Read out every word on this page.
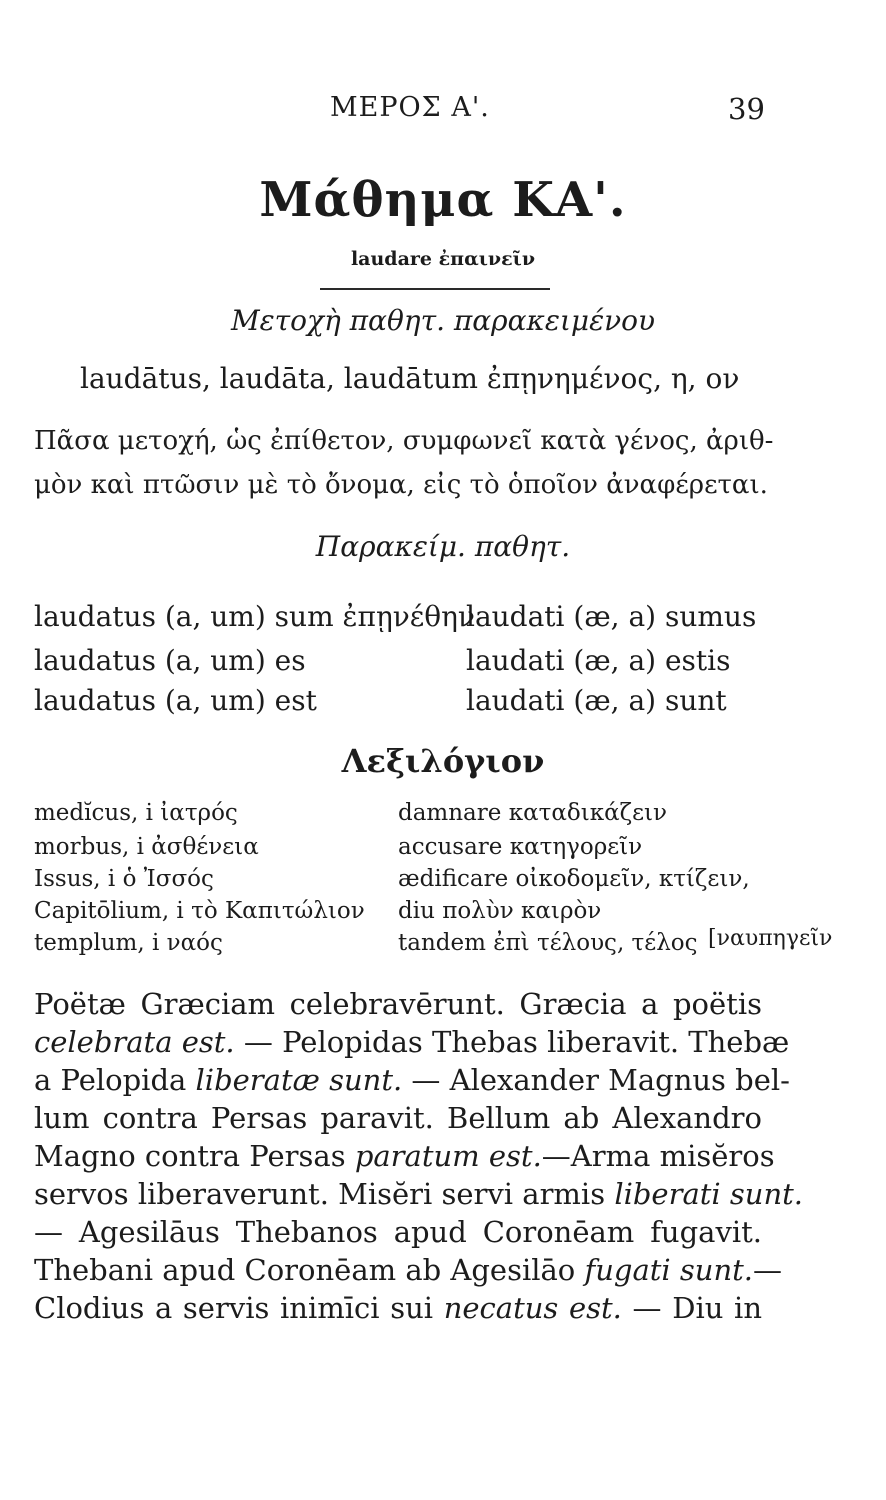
ΜΕΡΟΣ Α'.	39
Μάθημα ΚΑ'.
laudare ἐπαινεῖν
Μετοχὴ παθητ. παρακειμένου
laudātus, laudāta, laudātum ἐπῃνημένος, η, ον
Πᾶσα μετοχή, ὡς ἐπίθετον, συμφωνεῖ κατὰ γένος, ἀριθ-
μὸν καὶ πτῶσιν μὲ τὸ ὄνομα, εἰς τὸ ὁποῖον ἀναφέρεται.
Παρακείμ. παθητ.
laudatus (a, um) sum ἐπῃνέθην
laudatus (a, um) es
laudatus (a, um) est
laudati (æ, a) sumus
laudati (æ, a) estis
laudati (æ, a) sunt
Λεξιλόγιον
medĭcus, i ἰατρός
morbus, i ἀσθένεια
Issus, i ὁ Ἰσσός
Capitōlium, i τὸ Καπιτώλιον
templum, i ναός
damnare καταδικάζειν
accusare κατηγορεῖν
ædificare οἰκοδομεῖν, κτίζειν,
diu πολὺν καιρὸν
tandem ἐπὶ τέλους, τέλος [ναυπηγεῖν
Poëtæ Græciam celebravērunt. Græcia a poëtis
celebrata est. — Pelopidas Thebas liberavit. Thebæ
a Pelopida liberatæ sunt. — Alexander Magnus bel-
lum contra Persas paravit. Bellum ab Alexandro
Magno contra Persas paratum est.—Arma misĕros
servos liberaverunt. Misĕri servi armis liberati sunt.
— Agesilāus Thebanos apud Coronēam fugavit.
Thebani apud Coronēam ab Agesilāo fugati sunt.—
Clodius a servis inimīci sui necatus est. — Diu in
